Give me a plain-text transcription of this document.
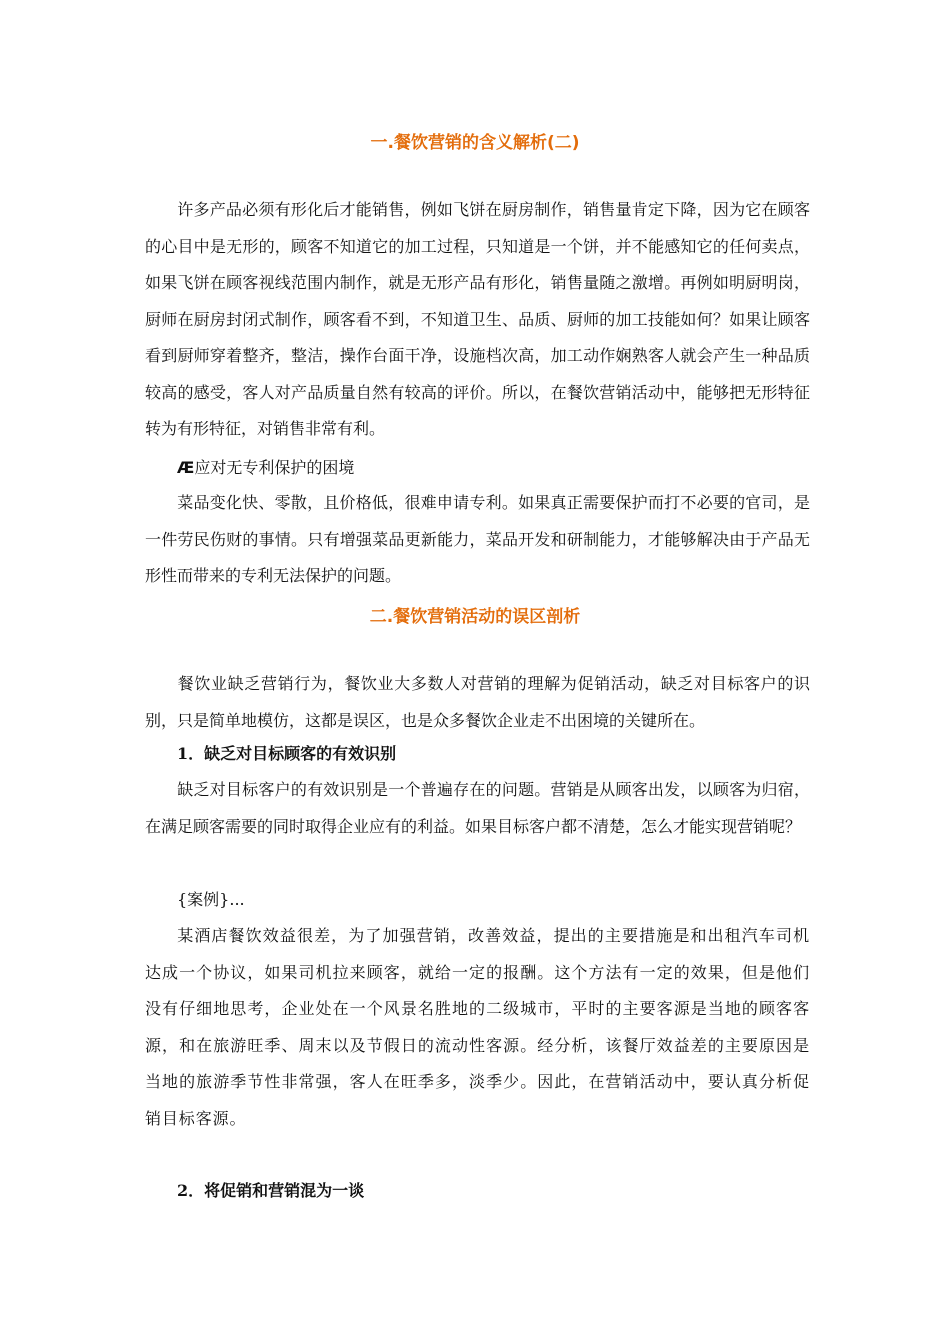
一.餐饮营销的含义解析(二)

许多产品必须有形化后才能销售，例如飞饼在厨房制作，销售量肯定下降，因为它在顾客的心目中是无形的，顾客不知道它的加工过程，只知道是一个饼，并不能感知它的任何卖点，如果飞饼在顾客视线范围内制作，就是无形产品有形化，销售量随之激增。再例如明厨明岗，厨师在厨房封闭式制作，顾客看不到，不知道卫生、品质、厨师的加工技能如何？如果让顾客看到厨师穿着整齐，整洁，操作台面干净，设施档次高，加工动作娴熟客人就会产生一种品质较高的感受，客人对产品质量自然有较高的评价。所以，在餐饮营销活动中，能够把无形特征转为有形特征，对销售非常有利。

Æ应对无专利保护的困境

菜品变化快、零散，且价格低，很难申请专利。如果真正需要保护而打不必要的官司，是一件劳民伤财的事情。只有增强菜品更新能力，菜品开发和研制能力，才能够解决由于产品无形性而带来的专利无法保护的问题。

二.餐饮营销活动的误区剖析

餐饮业缺乏营销行为，餐饮业大多数人对营销的理解为促销活动，缺乏对目标客户的识别，只是简单地模仿，这都是误区，也是众多餐饮企业走不出困境的关键所在。

1．缺乏对目标顾客的有效识别

缺乏对目标客户的有效识别是一个普遍存在的问题。营销是从顾客出发，以顾客为归宿，在满足顾客需要的同时取得企业应有的利益。如果目标客户都不清楚，怎么才能实现营销呢？

{案例}...

某酒店餐饮效益很差，为了加强营销，改善效益，提出的主要措施是和出租汽车司机达成一个协议，如果司机拉来顾客，就给一定的报酬。这个方法有一定的效果，但是他们没有仔细地思考，企业处在一个风景名胜地的二级城市，平时的主要客源是当地的顾客客源，和在旅游旺季、周末以及节假日的流动性客源。经分析，该餐厅效益差的主要原因是当地的旅游季节性非常强，客人在旺季多，淡季少。因此，在营销活动中，要认真分析促销目标客源。

2．将促销和营销混为一谈
